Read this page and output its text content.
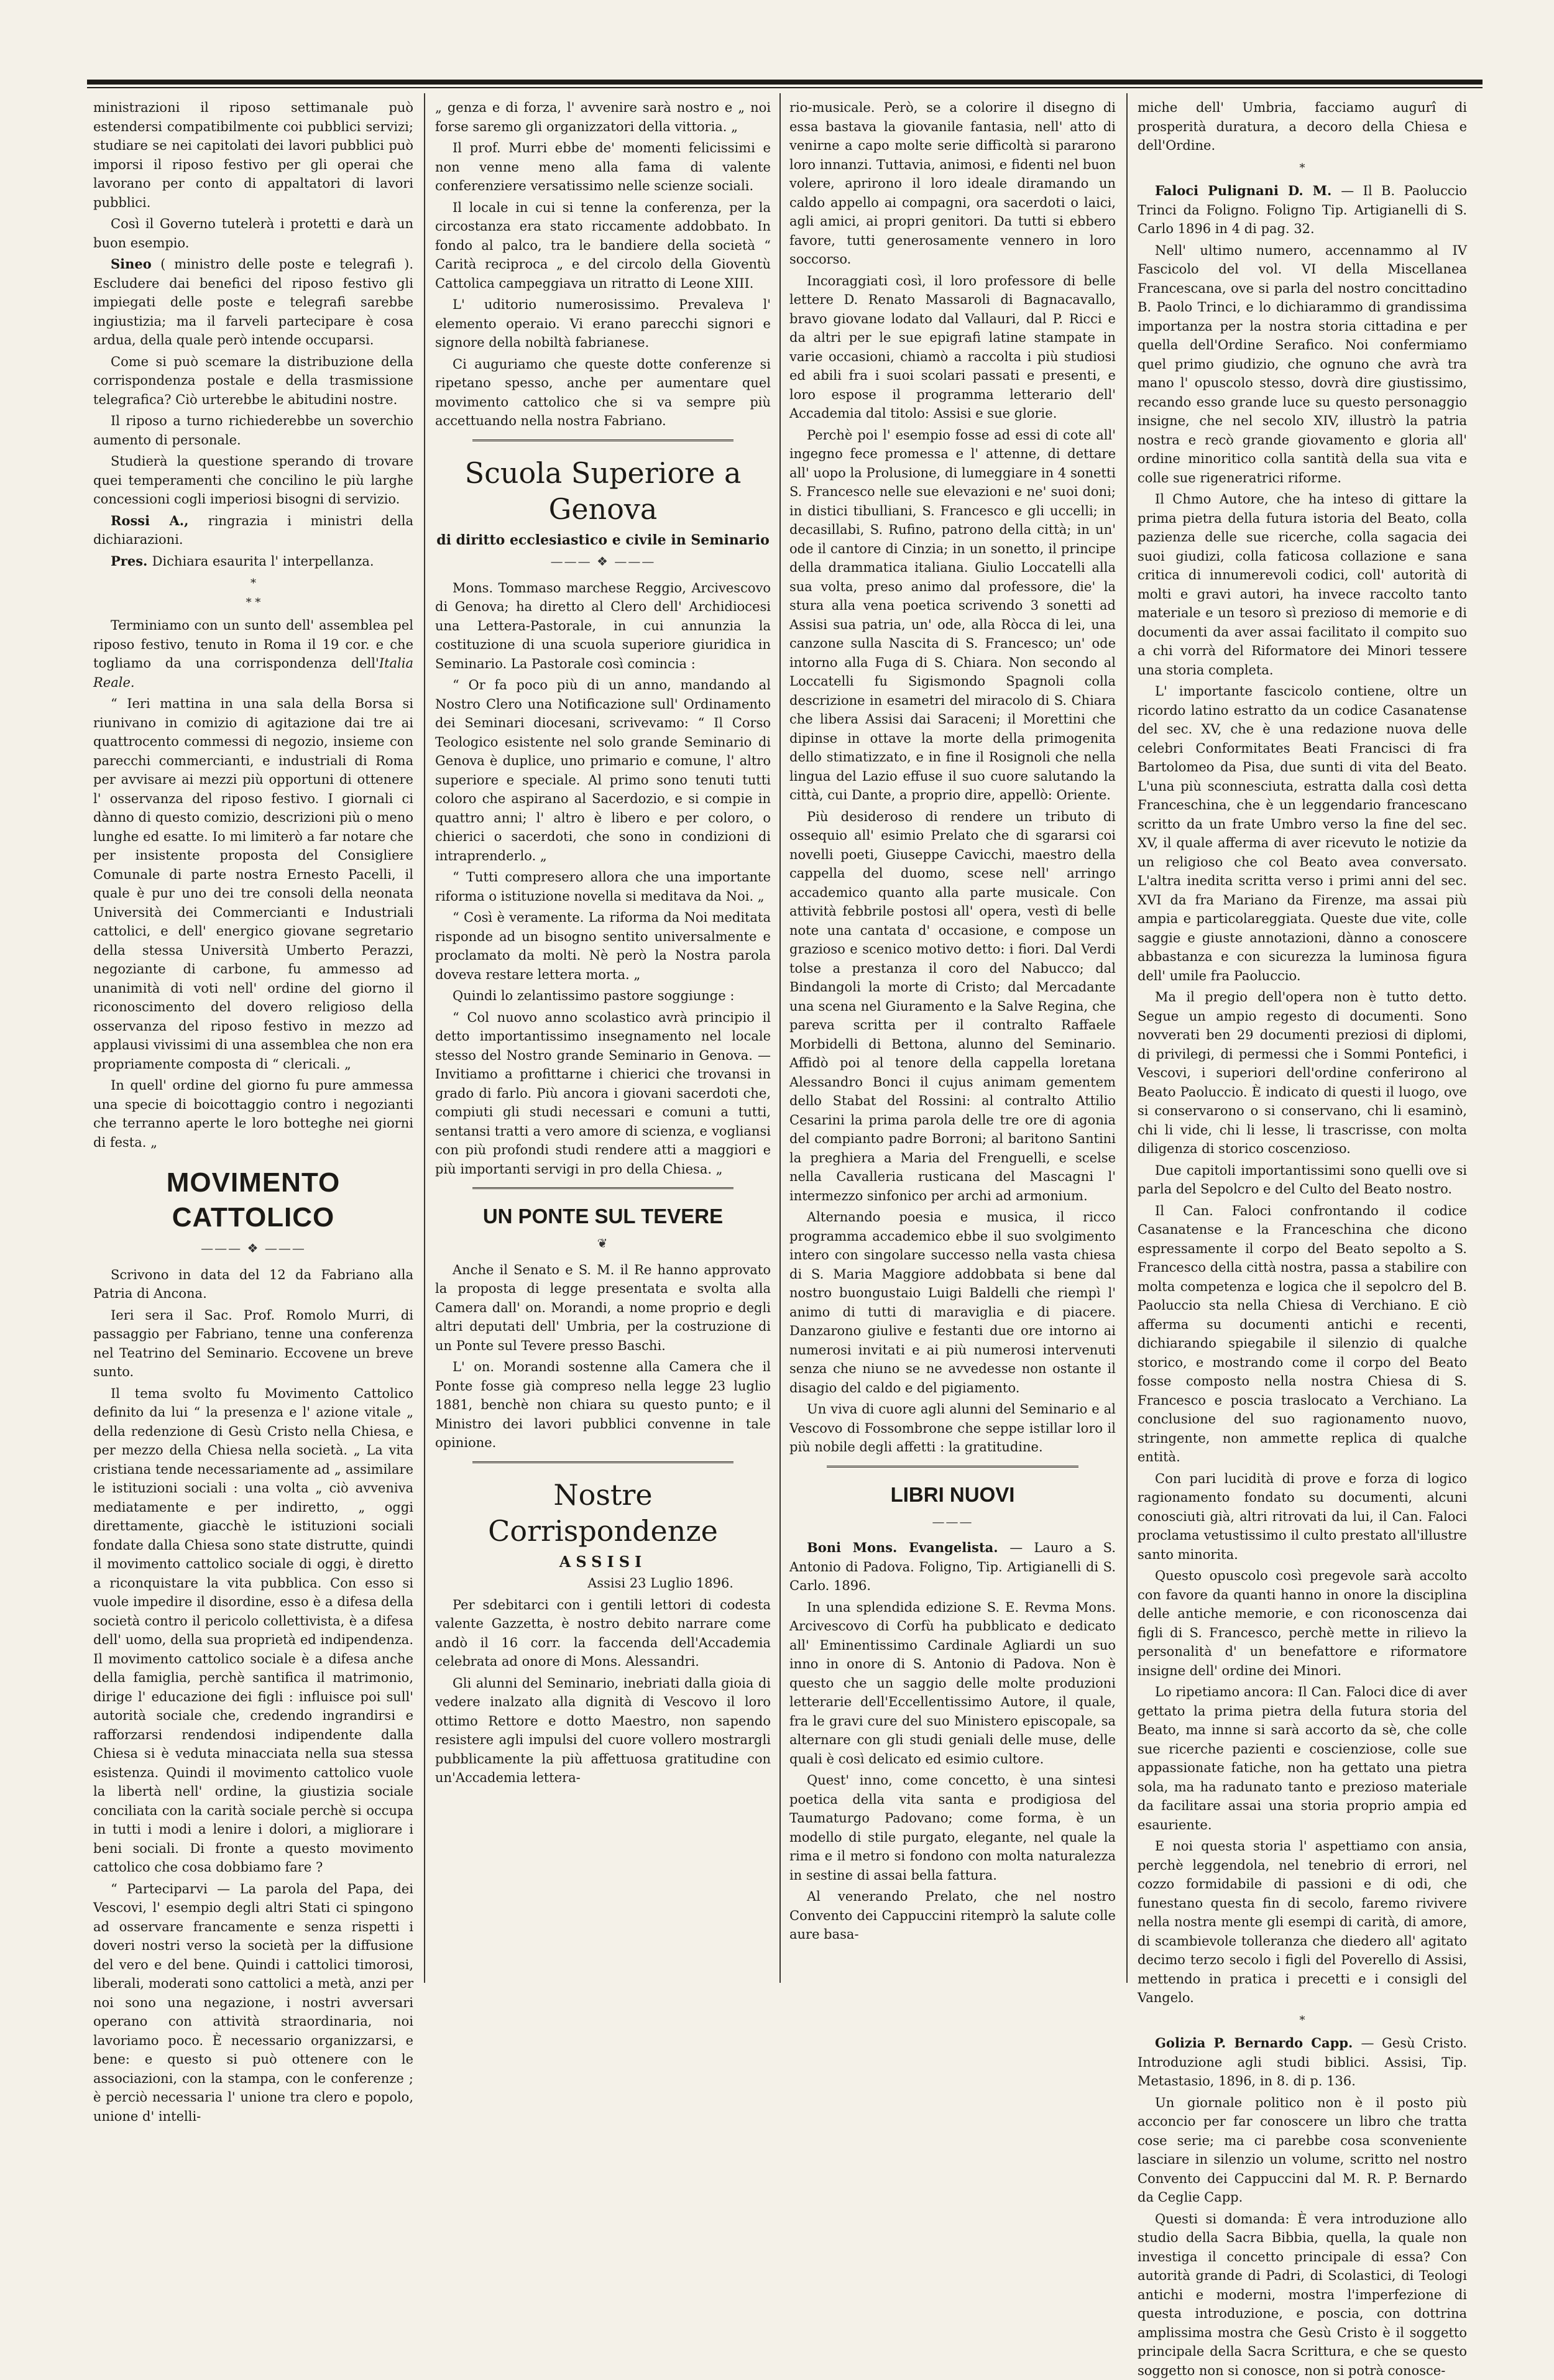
ministrazioni il riposo settimanale può estendersi compatibilmente coi pubblici servizi; studiare se nei capitolati dei lavori pubblici può imporsi il riposo festivo per gli operai che lavorano per conto di appaltatori di lavori pubblici.

Così il Governo tutelerà i protetti e darà un buon esempio.

Sineo ( ministro delle poste e telegrafi ). Escludere dai benefici del riposo festivo gli impiegati delle poste e telegrafi sarebbe ingiustizia; ma il farveli partecipare è cosa ardua, della quale però intende occuparsi.

Come si può scemare la distribuzione della corrispondenza postale e della trasmissione telegrafica? Ciò urterebbe le abitudini nostre.

Il riposo a turno richiederebbe un soverchio aumento di personale.

Studierà la questione sperando di trovare quei temperamenti che concilino le più larghe concessioni cogli imperiosi bisogni di servizio.

Rossi A., ringrazia i ministri della dichiarazioni.

Pres. Dichiara esaurita l' interpellanza.

*
* *

Terminiamo con un sunto dell' assemblea pel riposo festivo, tenuto in Roma il 19 cor. e che togliamo da una corrispondenza dell'Italia Reale.

“ Ieri mattina in una sala della Borsa si riunivano in comizio di agitazione dai tre ai quattrocento commessi di negozio, insieme con parecchi commercianti, e industriali di Roma per avvisare ai mezzi più opportuni di ottenere l' osservanza del riposo festivo. I giornali ci dànno di questo comizio, descrizioni più o meno lunghe ed esatte. Io mi limiterò a far notare che per insistente proposta del Consigliere Comunale di parte nostra Ernesto Pacelli, il quale è pur uno dei tre consoli della neonata Università dei Commercianti e Industriali cattolici, e dell' energico giovane segretario della stessa Università Umberto Perazzi, negoziante di carbone, fu ammesso ad unanimità di voti nell' ordine del giorno il riconoscimento del dovero religioso della osservanza del riposo festivo in mezzo ad applausi vivissimi di una assemblea che non era propriamente composta di “ clericali. „

In quell' ordine del giorno fu pure ammessa una specie di boicottaggio contro i negozianti che terranno aperte le loro botteghe nei giorni di festa. „

MOVIMENTO CATTOLICO
——— ❖ ———

Scrivono in data del 12 da Fabriano alla Patria di Ancona.

Ieri sera il Sac. Prof. Romolo Murri, di passaggio per Fabriano, tenne una conferenza nel Teatrino del Seminario. Eccovene un breve sunto.

Il tema svolto fu Movimento Cattolico definito da lui “ la presenza e l' azione vitale „ della redenzione di Gesù Cristo nella Chiesa, e per mezzo della Chiesa nella società. „ La vita cristiana tende necessariamente ad „ assimilare le istituzioni sociali : una volta „ ciò avveniva mediatamente e per indiretto, „ oggi direttamente, giacchè le istituzioni sociali fondate dalla Chiesa sono state distrutte, quindi il movimento cattolico sociale di oggi, è diretto a riconquistare la vita pubblica. Con esso si vuole impedire il disordine, esso è a difesa della società contro il pericolo collettivista, è a difesa dell' uomo, della sua proprietà ed indipendenza. Il movimento cattolico sociale è a difesa anche della famiglia, perchè santifica il matrimonio, dirige l' educazione dei figli : influisce poi sull' autorità sociale che, credendo ingrandirsi e rafforzarsi rendendosi indipendente dalla Chiesa si è veduta minacciata nella sua stessa esistenza. Quindi il movimento cattolico vuole la libertà nell' ordine, la giustizia sociale conciliata con la carità sociale perchè si occupa in tutti i modi a lenire i dolori, a migliorare i beni sociali. Di fronte a questo movimento cattolico che cosa dobbiamo fare ?

“ Parteciparvi — La parola del Papa, dei Vescovi, l' esempio degli altri Stati ci spingono ad osservare francamente e senza rispetti i doveri nostri verso la società per la diffusione del vero e del bene. Quindi i cattolici timorosi, liberali, moderati sono cattolici a metà, anzi per noi sono una negazione, i nostri avversari operano con attività straordinaria, noi lavoriamo poco. È necessario organizzarsi, e bene: e questo si può ottenere con le associazioni, con la stampa, con le conferenze ; è perciò necessaria l' unione tra clero e popolo, unione d' intelli-

„ genza e di forza, l' avvenire sarà nostro e „ noi forse saremo gli organizzatori della vittoria. „

Il prof. Murri ebbe de' momenti felicissimi e non venne meno alla fama di valente conferenziere versatissimo nelle scienze sociali.

Il locale in cui si tenne la conferenza, per la circostanza era stato riccamente addobbato. In fondo al palco, tra le bandiere della società “ Carità reciproca „ e del circolo della Gioventù Cattolica campeggiava un ritratto di Leone XIII.

L' uditorio numerosissimo. Prevaleva l' elemento operaio. Vi erano parecchi signori e signore della nobiltà fabrianese.

Ci auguriamo che queste dotte conferenze si ripetano spesso, anche per aumentare quel movimento cattolico che si va sempre più accettuando nella nostra Fabriano.

Scuola Superiore a Genova
di diritto ecclesiastico e civile in Seminario
——— ❖ ———

Mons. Tommaso marchese Reggio, Arcivescovo di Genova; ha diretto al Clero dell' Archidiocesi una Lettera-Pastorale, in cui annunzia la costituzione di una scuola superiore giuridica in Seminario. La Pastorale così comincia :

“ Or fa poco più di un anno, mandando al Nostro Clero una Notificazione sull' Ordinamento dei Seminari diocesani, scrivevamo: “ Il Corso Teologico esistente nel solo grande Seminario di Genova è duplice, uno primario e comune, l' altro superiore e speciale. Al primo sono tenuti tutti coloro che aspirano al Sacerdozio, e si compie in quattro anni; l' altro è libero e per coloro, o chierici o sacerdoti, che sono in condizioni di intraprenderlo. „

“ Tutti compresero allora che una importante riforma o istituzione novella si meditava da Noi. „

“ Così è veramente. La riforma da Noi meditata risponde ad un bisogno sentito universalmente e proclamato da molti. Nè però la Nostra parola doveva restare lettera morta. „

Quindi lo zelantissimo pastore soggiunge :

“ Col nuovo anno scolastico avrà principio il detto importantissimo insegnamento nel locale stesso del Nostro grande Seminario in Genova. — Invitiamo a profittarne i chierici che trovansi in grado di farlo. Più ancora i giovani sacerdoti che, compiuti gli studi necessari e comuni a tutti, sentansi tratti a vero amore di scienza, e vogliansi con più profondi studi rendere atti a maggiori e più importanti servigi in pro della Chiesa. „

UN PONTE SUL TEVERE
❦

Anche il Senato e S. M. il Re hanno approvato la proposta di legge presentata e svolta alla Camera dall' on. Morandi, a nome proprio e degli altri deputati dell' Umbria, per la costruzione di un Ponte sul Tevere presso Baschi.

L' on. Morandi sostenne alla Camera che il Ponte fosse già compreso nella legge 23 luglio 1881, benchè non chiara su questo punto; e il Ministro dei lavori pubblici convenne in tale opinione.

Nostre Corrispondenze
ASSISI

Assisi 23 Luglio 1896.

Per sdebitarci con i gentili lettori di codesta valente Gazzetta, è nostro debito narrare come andò il 16 corr. la faccenda dell'Accademia celebrata ad onore di Mons. Alessandri.

Gli alunni del Seminario, inebriati dalla gioia di vedere inalzato alla dignità di Vescovo il loro ottimo Rettore e dotto Maestro, non sapendo resistere agli impulsi del cuore vollero mostrargli pubblicamente la più affettuosa gratitudine con un'Accademia lettera-

rio-musicale. Però, se a colorire il disegno di essa bastava la giovanile fantasia, nell' atto di venirne a capo molte serie difficoltà si pararono loro innanzi. Tuttavia, animosi, e fidenti nel buon volere, aprirono il loro ideale diramando un caldo appello ai compagni, ora sacerdoti o laici, agli amici, ai propri genitori. Da tutti si ebbero favore, tutti generosamente vennero in loro soccorso.

Incoraggiati così, il loro professore di belle lettere D. Renato Massaroli di Bagnacavallo, bravo giovane lodato dal Vallauri, dal P. Ricci e da altri per le sue epigrafi latine stampate in varie occasioni, chiamò a raccolta i più studiosi ed abili fra i suoi scolari passati e presenti, e loro espose il programma letterario dell' Accademia dal titolo: Assisi e sue glorie.

Perchè poi l' esempio fosse ad essi di cote all' ingegno fece promessa e l' attenne, di dettare all' uopo la Prolusione, di lumeggiare in 4 sonetti S. Francesco nelle sue elevazioni e ne' suoi doni; in distici tibulliani, S. Francesco e gli uccelli; in decasillabi, S. Rufino, patrono della città; in un' ode il cantore di Cinzia; in un sonetto, il principe della drammatica italiana. Giulio Loccatelli alla sua volta, preso animo dal professore, die' la stura alla vena poetica scrivendo 3 sonetti ad Assisi sua patria, un' ode, alla Ròcca di lei, una canzone sulla Nascita di S. Francesco; un' ode intorno alla Fuga di S. Chiara. Non secondo al Loccatelli fu Sigismondo Spagnoli colla descrizione in esametri del miracolo di S. Chiara che libera Assisi dai Saraceni; il Morettini che dipinse in ottave la morte della primogenita dello stimatizzato, e in fine il Rosignoli che nella lingua del Lazio effuse il suo cuore salutando la città, cui Dante, a proprio dire, appellò: Oriente.

Più desideroso di rendere un tributo di ossequio all' esimio Prelato che di sgararsi coi novelli poeti, Giuseppe Cavicchi, maestro della cappella del duomo, scese nell' arringo accademico quanto alla parte musicale. Con attività febbrile postosi all' opera, vestì di belle note una cantata d' occasione, e compose un grazioso e scenico motivo detto: i fiori. Dal Verdi tolse a prestanza il coro del Nabucco; dal Bindangoli la morte di Cristo; dal Mercadante una scena nel Giuramento e la Salve Regina, che pareva scritta per il contralto Raffaele Morbidelli di Bettona, alunno del Seminario. Affidò poi al tenore della cappella loretana Alessandro Bonci il cujus animam gementem dello Stabat del Rossini: al contralto Attilio Cesarini la prima parola delle tre ore di agonia del compianto padre Borroni; al baritono Santini la preghiera a Maria del Frenguelli, e scelse nella Cavalleria rusticana del Mascagni l' intermezzo sinfonico per archi ad armonium.

Alternando poesia e musica, il ricco programma accademico ebbe il suo svolgimento intero con singolare successo nella vasta chiesa di S. Maria Maggiore addobbata si bene dal nostro buongustaio Luigi Baldelli che riempì l' animo di tutti di maraviglia e di piacere. Danzarono giulive e festanti due ore intorno ai numerosi invitati e ai più numerosi intervenuti senza che niuno se ne avvedesse non ostante il disagio del caldo e del pigiamento.

Un viva di cuore agli alunni del Seminario e al Vescovo di Fossombrone che seppe istillar loro il più nobile degli affetti : la gratitudine.

LIBRI NUOVI
———

Boni Mons. Evangelista. — Lauro a S. Antonio di Padova. Foligno, Tip. Artigianelli di S. Carlo. 1896.

In una splendida edizione S. E. Revma Mons. Arcivescovo di Corfù ha pubblicato e dedicato all' Eminentissimo Cardinale Agliardi un suo inno in onore di S. Antonio di Padova. Non è questo che un saggio delle molte produzioni letterarie dell'Eccellentissimo Autore, il quale, fra le gravi cure del suo Ministero episcopale, sa alternare con gli studi geniali delle muse, delle quali è così delicato ed esimio cultore.

Quest' inno, come concetto, è una sintesi poetica della vita santa e prodigiosa del Taumaturgo Padovano; come forma, è un modello di stile purgato, elegante, nel quale la rima e il metro si fondono con molta naturalezza in sestine di assai bella fattura.

Al venerando Prelato, che nel nostro Convento dei Cappuccini ritemprò la salute colle aure basa-

miche dell' Umbria, facciamo augurî di prosperità duratura, a decoro della Chiesa e dell'Ordine.

*

Faloci Pulignani D. M. — Il B. Paoluccio Trinci da Foligno. Foligno Tip. Artigianelli di S. Carlo 1896 in 4 di pag. 32.

Nell' ultimo numero, accennammo al IV Fascicolo del vol. VI della Miscellanea Francescana, ove si parla del nostro concittadino B. Paolo Trinci, e lo dichiarammo di grandissima importanza per la nostra storia cittadina e per quella dell'Ordine Serafico. Noi confermiamo quel primo giudizio, che ognuno che avrà tra mano l' opuscolo stesso, dovrà dire giustissimo, recando esso grande luce su questo personaggio insigne, che nel secolo XIV, illustrò la patria nostra e recò grande giovamento e gloria all' ordine minoritico colla santità della sua vita e colle sue rigeneratrici riforme.

Il Chmo Autore, che ha inteso di gittare la prima pietra della futura istoria del Beato, colla pazienza delle sue ricerche, colla sagacia dei suoi giudizi, colla faticosa collazione e sana critica di innumerevoli codici, coll' autorità di molti e gravi autori, ha invece raccolto tanto materiale e un tesoro sì prezioso di memorie e di documenti da aver assai facilitato il compito suo a chi vorrà del Riformatore dei Minori tessere una storia completa.

L' importante fascicolo contiene, oltre un ricordo latino estratto da un codice Casanatense del sec. XV, che è una redazione nuova delle celebri Conformitates Beati Francisci di fra Bartolomeo da Pisa, due sunti di vita del Beato. L'una più sconnesciuta, estratta dalla così detta Franceschina, che è un leggendario francescano scritto da un frate Umbro verso la fine del sec. XV, il quale afferma di aver ricevuto le notizie da un religioso che col Beato avea conversato. L'altra inedita scritta verso i primi anni del sec. XVI da fra Mariano da Firenze, ma assai più ampia e particolareggiata. Queste due vite, colle saggie e giuste annotazioni, dànno a conoscere abbastanza e con sicurezza la luminosa figura dell' umile fra Paoluccio.

Ma il pregio dell'opera non è tutto detto. Segue un ampio regesto di documenti. Sono novverati ben 29 documenti preziosi di diplomi, di privilegi, di permessi che i Sommi Pontefici, i Vescovi, i superiori dell'ordine conferirono al Beato Paoluccio. È indicato di questi il luogo, ove si conservarono o si conservano, chi li esaminò, chi li vide, chi li lesse, li trascrisse, con molta diligenza di storico coscenzioso.

Due capitoli importantissimi sono quelli ove si parla del Sepolcro e del Culto del Beato nostro.

Il Can. Faloci confrontando il codice Casanatense e la Franceschina che dicono espressamente il corpo del Beato sepolto a S. Francesco della città nostra, passa a stabilire con molta competenza e logica che il sepolcro del B. Paoluccio sta nella Chiesa di Verchiano. E ciò afferma su documenti antichi e recenti, dichiarando spiegabile il silenzio di qualche storico, e mostrando come il corpo del Beato fosse composto nella nostra Chiesa di S. Francesco e poscia traslocato a Verchiano. La conclusione del suo ragionamento nuovo, stringente, non ammette replica di qualche entità.

Con pari lucidità di prove e forza di logico ragionamento fondato su documenti, alcuni conosciuti già, altri ritrovati da lui, il Can. Faloci proclama vetustissimo il culto prestato all'illustre santo minorita.

Questo opuscolo così pregevole sarà accolto con favore da quanti hanno in onore la disciplina delle antiche memorie, e con riconoscenza dai figli di S. Francesco, perchè mette in rilievo la personalità d' un benefattore e riformatore insigne dell' ordine dei Minori.

Lo ripetiamo ancora: Il Can. Faloci dice di aver gettato la prima pietra della futura storia del Beato, ma innne si sarà accorto da sè, che colle sue ricerche pazienti e coscienziose, colle sue appassionate fatiche, non ha gettato una pietra sola, ma ha radunato tanto e prezioso materiale da facilitare assai una storia proprio ampia ed esauriente.

E noi questa storia l' aspettiamo con ansia, perchè leggendola, nel tenebrio di errori, nel cozzo formidabile di passioni e di odi, che funestano questa fin di secolo, faremo rivivere nella nostra mente gli esempi di carità, di amore, di scambievole tolleranza che diedero all' agitato decimo terzo secolo i figli del Poverello di Assisi, mettendo in pratica i precetti e i consigli del Vangelo.

*

Golizia P. Bernardo Capp. — Gesù Cristo. Introduzione agli studi biblici. Assisi, Tip. Metastasio, 1896, in 8. di p. 136.

Un giornale politico non è il posto più acconcio per far conoscere un libro che tratta cose serie; ma ci parebbe cosa sconveniente lasciare in silenzio un volume, scritto nel nostro Convento dei Cappuccini dal M. R. P. Bernardo da Ceglie Capp.

Questi si domanda: È vera introduzione allo studio della Sacra Bibbia, quella, la quale non investiga il concetto principale di essa? Con autorità grande di Padri, di Scolastici, di Teologi antichi e moderni, mostra l'imperfezione di questa introduzione, e poscia, con dottrina amplissima mostra che Gesù Cristo è il soggetto principale della Sacra Scrittura, e che se questo soggetto non si conosce, non si potrà conosce-
